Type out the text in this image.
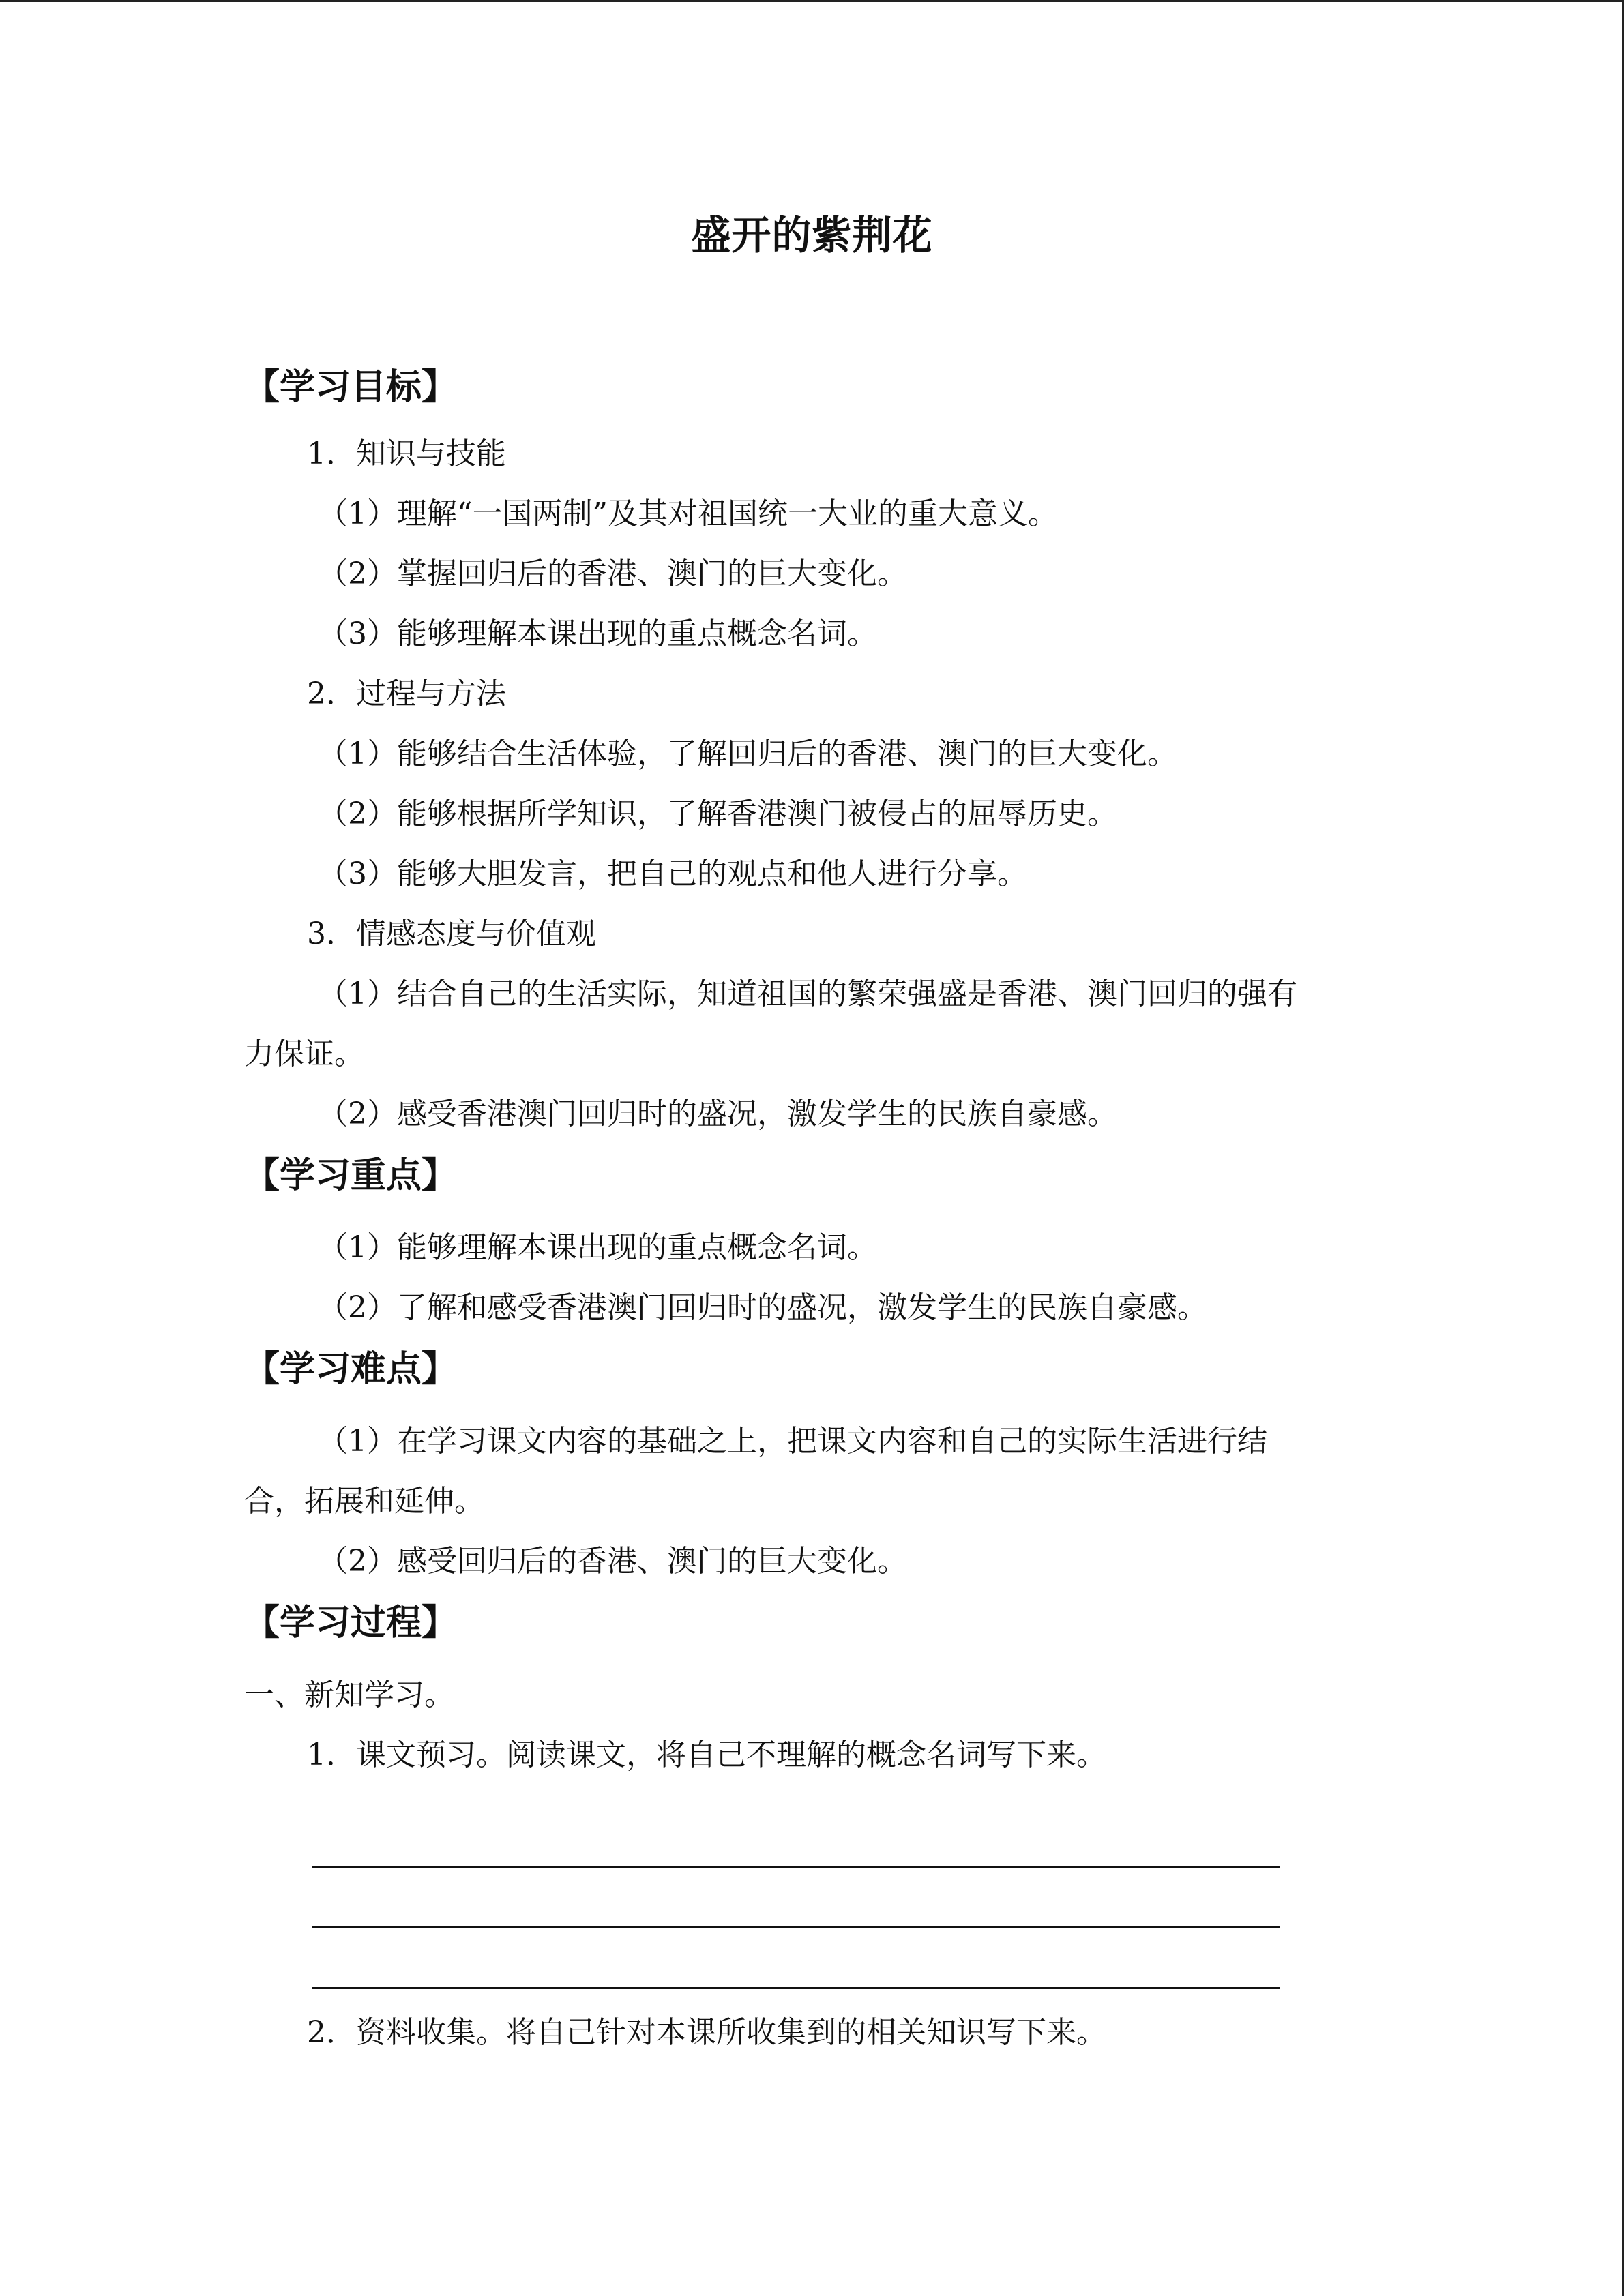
盛开的紫荆花
【学习目标】

1．知识与技能

（1）理解“一国两制”及其对祖国统一大业的重大意义。

（2）掌握回归后的香港、澳门的巨大变化。

（3）能够理解本课出现的重点概念名词。

2．过程与方法

（1）能够结合生活体验，了解回归后的香港、澳门的巨大变化。

（2）能够根据所学知识，了解香港澳门被侵占的屈辱历史。

（3）能够大胆发言，把自己的观点和他人进行分享。

3．情感态度与价值观

（1）结合自己的生活实际，知道祖国的繁荣强盛是香港、澳门回归的强有

力保证。

（2）感受香港澳门回归时的盛况，激发学生的民族自豪感。

【学习重点】

（1）能够理解本课出现的重点概念名词。

（2）了解和感受香港澳门回归时的盛况，激发学生的民族自豪感。

【学习难点】

（1）在学习课文内容的基础之上，把课文内容和自己的实际生活进行结

合，拓展和延伸。

（2）感受回归后的香港、澳门的巨大变化。

【学习过程】

一、新知学习。

1．课文预习。阅读课文，将自己不理解的概念名词写下来。

2．资料收集。将自己针对本课所收集到的相关知识写下来。
